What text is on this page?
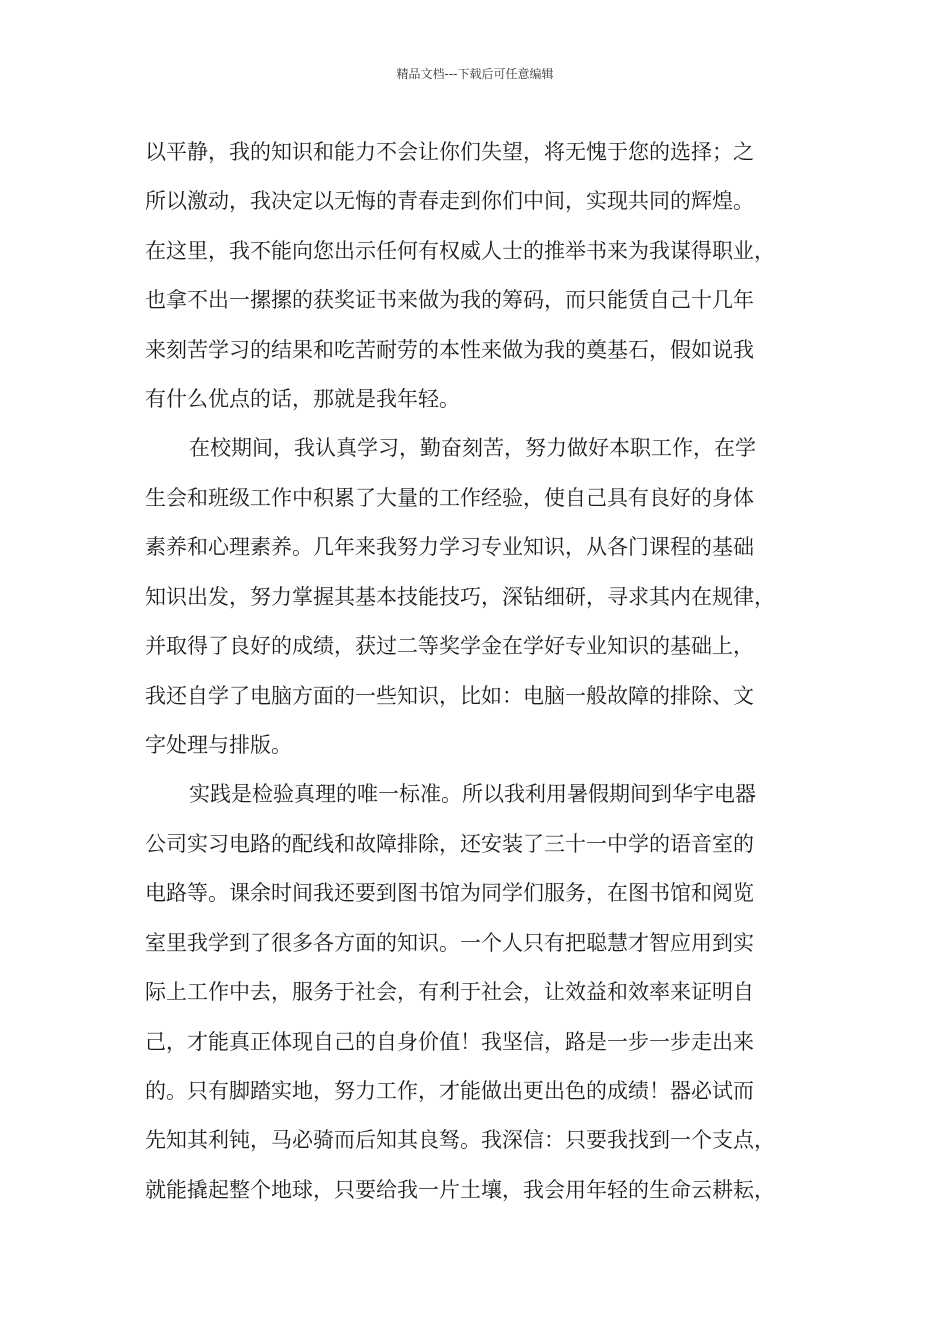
精品文档---下载后可任意编辑
以平静，我的知识和能力不会让你们失望，将无愧于您的选择；之
所以激动，我决定以无悔的青春走到你们中间，实现共同的辉煌。
在这里，我不能向您出示任何有权威人士的推举书来为我谋得职业，
也拿不出一摞摞的获奖证书来做为我的筹码，而只能赁自己十几年
来刻苦学习的结果和吃苦耐劳的本性来做为我的奠基石，假如说我
有什么优点的话，那就是我年轻。
在校期间，我认真学习，勤奋刻苦，努力做好本职工作，在学
生会和班级工作中积累了大量的工作经验，使自己具有良好的身体
素养和心理素养。几年来我努力学习专业知识，从各门课程的基础
知识出发，努力掌握其基本技能技巧，深钻细研，寻求其内在规律，
并取得了良好的成绩，获过二等奖学金在学好专业知识的基础上，
我还自学了电脑方面的一些知识，比如：电脑一般故障的排除、文
字处理与排版。
实践是检验真理的唯一标准。所以我利用暑假期间到华宇电器
公司实习电路的配线和故障排除，还安装了三十一中学的语音室的
电路等。课余时间我还要到图书馆为同学们服务，在图书馆和阅览
室里我学到了很多各方面的知识。一个人只有把聪慧才智应用到实
际上工作中去，服务于社会，有利于社会，让效益和效率来证明自
己，才能真正体现自己的自身价值！我坚信，路是一步一步走出来
的。只有脚踏实地，努力工作，才能做出更出色的成绩！器必试而
先知其利钝，马必骑而后知其良驽。我深信：只要我找到一个支点，
就能撬起整个地球，只要给我一片土壤，我会用年轻的生命云耕耘，
